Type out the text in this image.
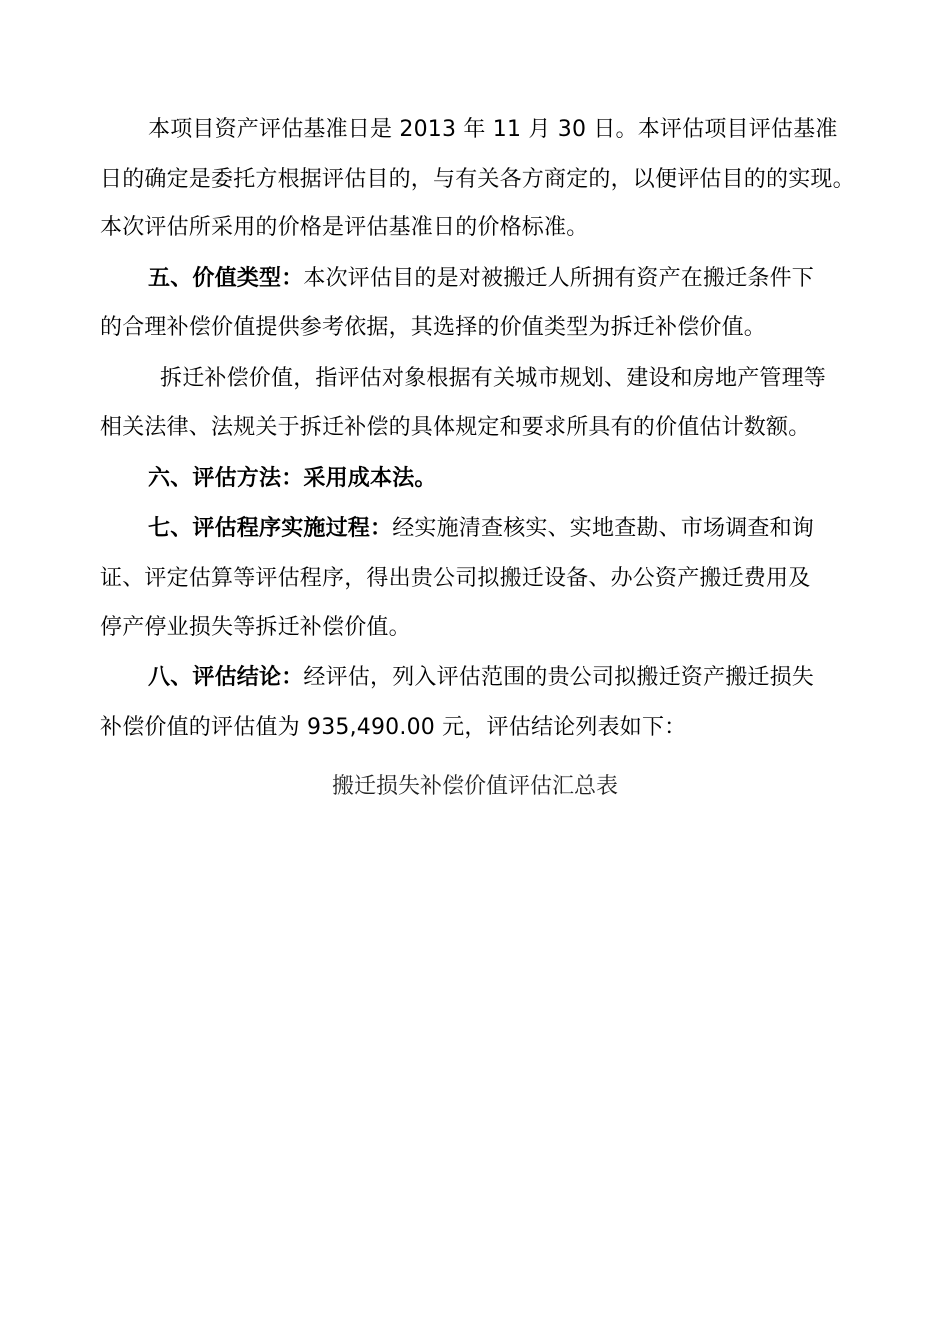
本项目资产评估基准日是 2013 年 11 月 30 日。本评估项目评估基准
日的确定是委托方根据评估目的，与有关各方商定的，以便评估目的的实现。
本次评估所采用的价格是评估基准日的价格标准。
五、价值类型：本次评估目的是对被搬迁人所拥有资产在搬迁条件下
的合理补偿价值提供参考依据，其选择的价值类型为拆迁补偿价值。
拆迁补偿价值，指评估对象根据有关城市规划、建设和房地产管理等
相关法律、法规关于拆迁补偿的具体规定和要求所具有的价值估计数额。
六、评估方法：采用成本法。
七、评估程序实施过程：经实施清查核实、实地查勘、市场调查和询
证、评定估算等评估程序，得出贵公司拟搬迁设备、办公资产搬迁费用及
停产停业损失等拆迁补偿价值。
八、评估结论：经评估，列入评估范围的贵公司拟搬迁资产搬迁损失
补偿价值的评估值为 935,490.00 元，评估结论列表如下：
搬迁损失补偿价值评估汇总表
